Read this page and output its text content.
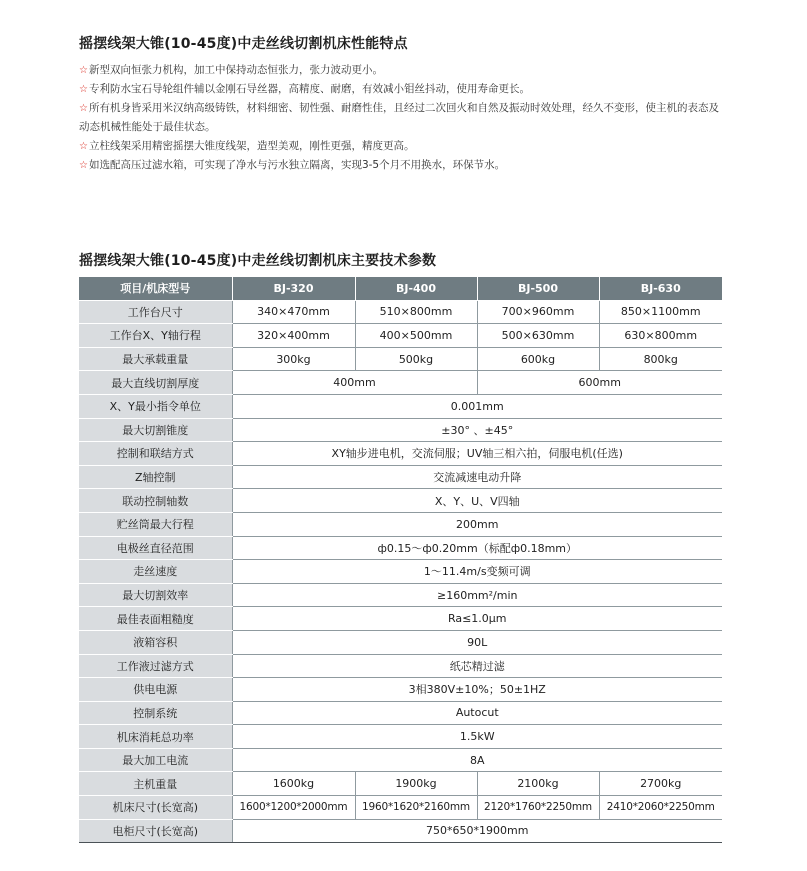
摇摆线架大锥(10-45度)中走丝线切割机床性能特点

☆新型双向恒张力机构，加工中保持动态恒张力，张力波动更小。

☆专利防水宝石导轮组件辅以金刚石导丝器，高精度、耐磨，有效减小钼丝抖动，使用寿命更长。

☆所有机身皆采用米汉纳高级铸铁，材料细密、韧性强、耐磨性佳，且经过二次回火和自然及振动时效处理，经久不变形，使主机的表态及动态机械性能处于最佳状态。

☆立柱线架采用精密摇摆大锥度线架，造型美观，刚性更强，精度更高。

☆如选配高压过滤水箱，可实现了净水与污水独立隔离，实现3-5个月不用换水，环保节水。

摇摆线架大锥(10-45度)中走丝线切割机床主要技术参数
项目/机床型号	BJ-320	BJ-400	BJ-500	BJ-630
工作台尺寸	340×470mm	510×800mm	700×960mm	850×1100mm
工作台X、Y轴行程	320×400mm	400×500mm	500×630mm	630×800mm
最大承载重量	300kg	500kg	600kg	800kg
最大直线切割厚度	400mm		600mm	
X、Y最小指令单位	0.001mm			
最大切割锥度	±30° 、±45°			
控制和联结方式	XY轴步进电机，交流伺服；UV轴三相六拍，伺服电机(任选)			
Z轴控制	交流减速电动升降			
联动控制轴数	X、Y、U、V四轴			
贮丝筒最大行程	200mm			
电极丝直径范围	ф0.15～ф0.20mm（标配ф0.18mm）			
走丝速度	1～11.4m/s变频可调			
最大切割效率	≥160mm²/min			
最佳表面粗糙度	Ra≤1.0μm			
液箱容积	90L			
工作液过滤方式	纸芯精过滤			
供电电源	3相380V±10%；50±1HZ			
控制系统	Autocut			
机床消耗总功率	1.5kW			
最大加工电流	8A			
主机重量	1600kg	1900kg	2100kg	2700kg
机床尺寸(长宽高)	1600*1200*2000mm	1960*1620*2160mm	2120*1760*2250mm	2410*2060*2250mm
电柜尺寸(长宽高)	750*650*1900mm			
